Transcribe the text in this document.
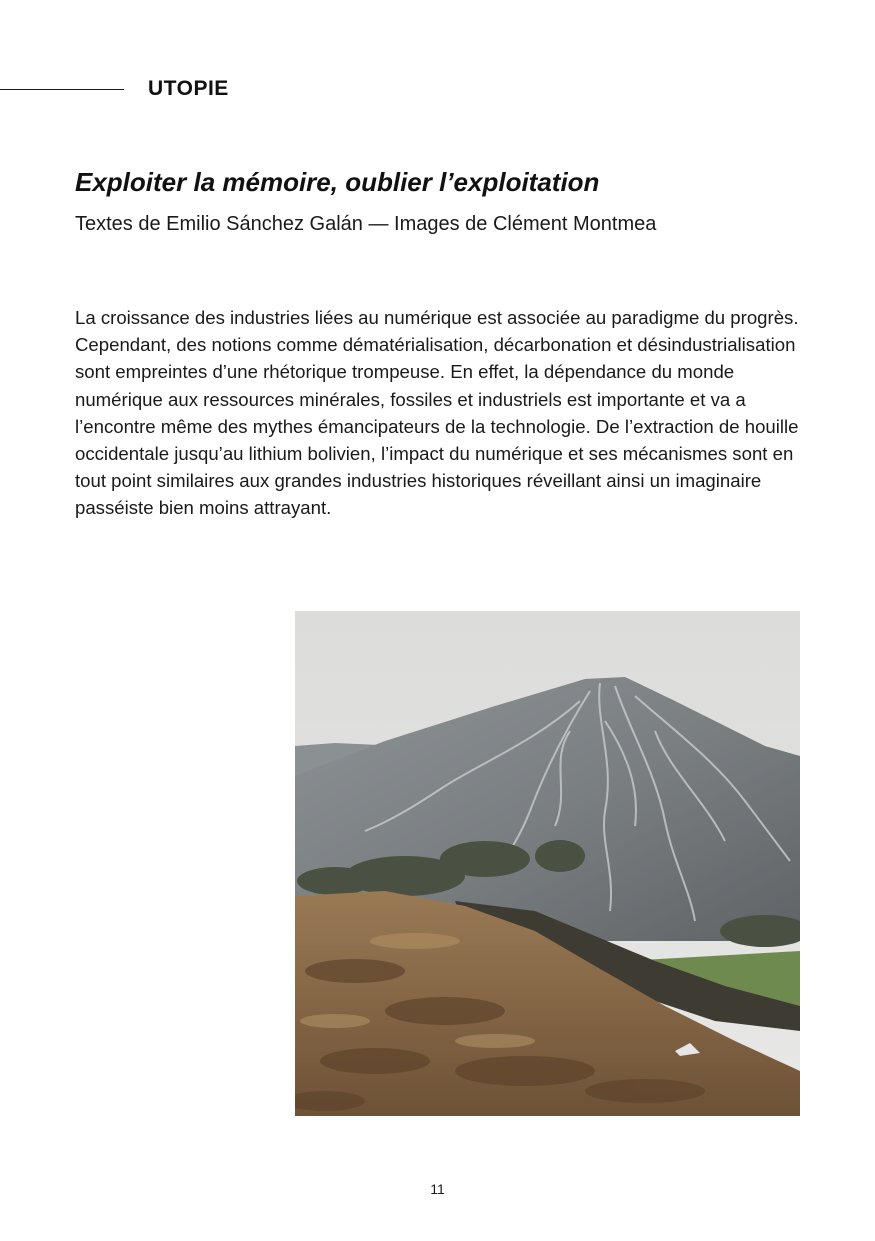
UTOPIE
Exploiter la mémoire, oublier l’exploitation

Textes de Emilio Sánchez Galán — Images de Clément Montmea

La croissance des industries liées au numérique est associée au paradigme du progrès. Cependant, des notions comme dématérialisation, décarbonation et désindustrialisation sont empreintes d’une rhétorique trompeuse. En effet, la dépendance du monde numérique aux ressources minérales, fossiles et industriels est importante et va a l’encontre même des mythes émancipateurs de la technologie. De l’extraction de houille occidentale jusqu’au lithium bolivien, l’impact du numérique et ses mécanismes sont en tout point similaires aux grandes industries historiques réveillant ainsi un imaginaire passéiste bien moins attrayant.

11
